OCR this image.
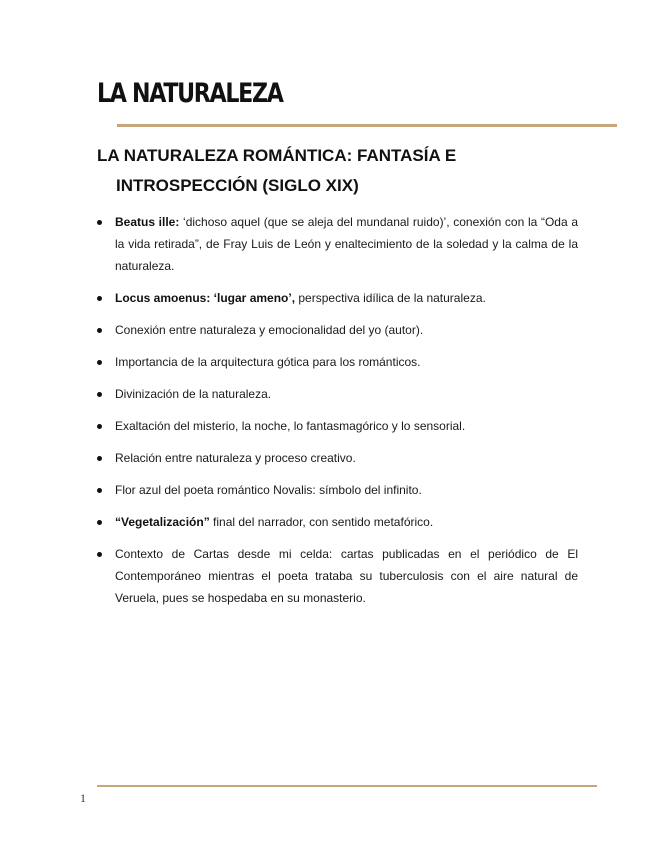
LA NATURALEZA
LA NATURALEZA ROMÁNTICA: FANTASÍA E INTROSPECCIÓN (SIGLO XIX)
Beatus ille: ‘dichoso aquel (que se aleja del mundanal ruido)’, conexión con la “Oda a la vida retirada”, de Fray Luis de León y enaltecimiento de la soledad y la calma de la naturaleza.
Locus amoenus: ‘lugar ameno’, perspectiva idílica de la naturaleza.
Conexión entre naturaleza y emocionalidad del yo (autor).
Importancia de la arquitectura gótica para los románticos.
Divinización de la naturaleza.
Exaltación del misterio, la noche, lo fantasmagórico y lo sensorial.
Relación entre naturaleza y proceso creativo.
Flor azul del poeta romántico Novalis: símbolo del infinito.
“Vegetalización” final del narrador, con sentido metafórico.
Contexto de Cartas desde mi celda: cartas publicadas en el periódico de El Contemporáneo mientras el poeta trataba su tuberculosis con el aire natural de Veruela, pues se hospedaba en su monasterio.
1
